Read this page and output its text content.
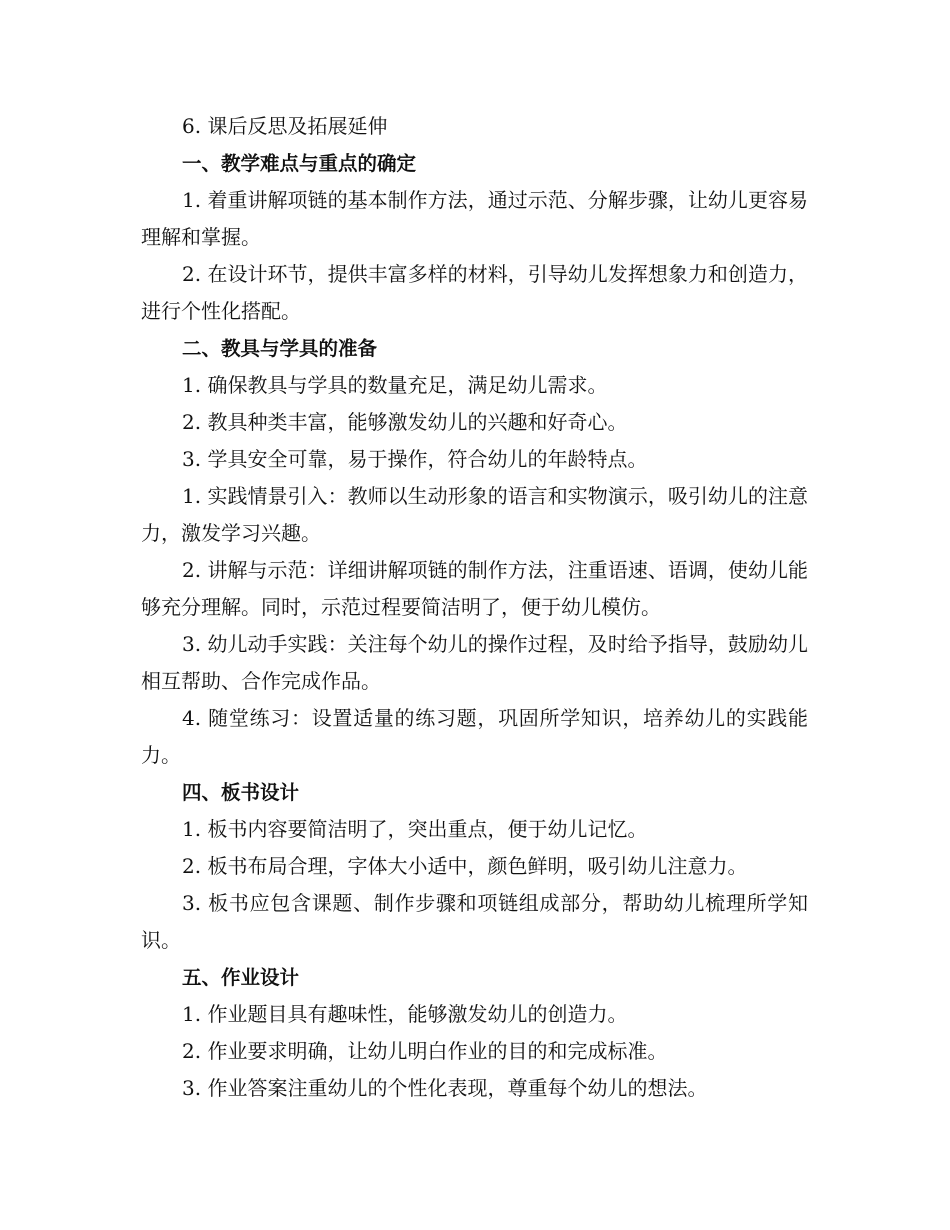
6. 课后反思及拓展延伸

一、教学难点与重点的确定

1. 着重讲解项链的基本制作方法，通过示范、分解步骤，让幼儿更容易理解和掌握。

2. 在设计环节，提供丰富多样的材料，引导幼儿发挥想象力和创造力，进行个性化搭配。

二、教具与学具的准备

1. 确保教具与学具的数量充足，满足幼儿需求。

2. 教具种类丰富，能够激发幼儿的兴趣和好奇心。

3. 学具安全可靠，易于操作，符合幼儿的年龄特点。

1. 实践情景引入：教师以生动形象的语言和实物演示，吸引幼儿的注意力，激发学习兴趣。

2. 讲解与示范：详细讲解项链的制作方法，注重语速、语调，使幼儿能够充分理解。同时，示范过程要简洁明了，便于幼儿模仿。

3. 幼儿动手实践：关注每个幼儿的操作过程，及时给予指导，鼓励幼儿相互帮助、合作完成作品。

4. 随堂练习：设置适量的练习题，巩固所学知识，培养幼儿的实践能力。

四、板书设计

1. 板书内容要简洁明了，突出重点，便于幼儿记忆。

2. 板书布局合理，字体大小适中，颜色鲜明，吸引幼儿注意力。

3. 板书应包含课题、制作步骤和项链组成部分，帮助幼儿梳理所学知识。

五、作业设计

1. 作业题目具有趣味性，能够激发幼儿的创造力。

2. 作业要求明确，让幼儿明白作业的目的和完成标准。

3. 作业答案注重幼儿的个性化表现，尊重每个幼儿的想法。
